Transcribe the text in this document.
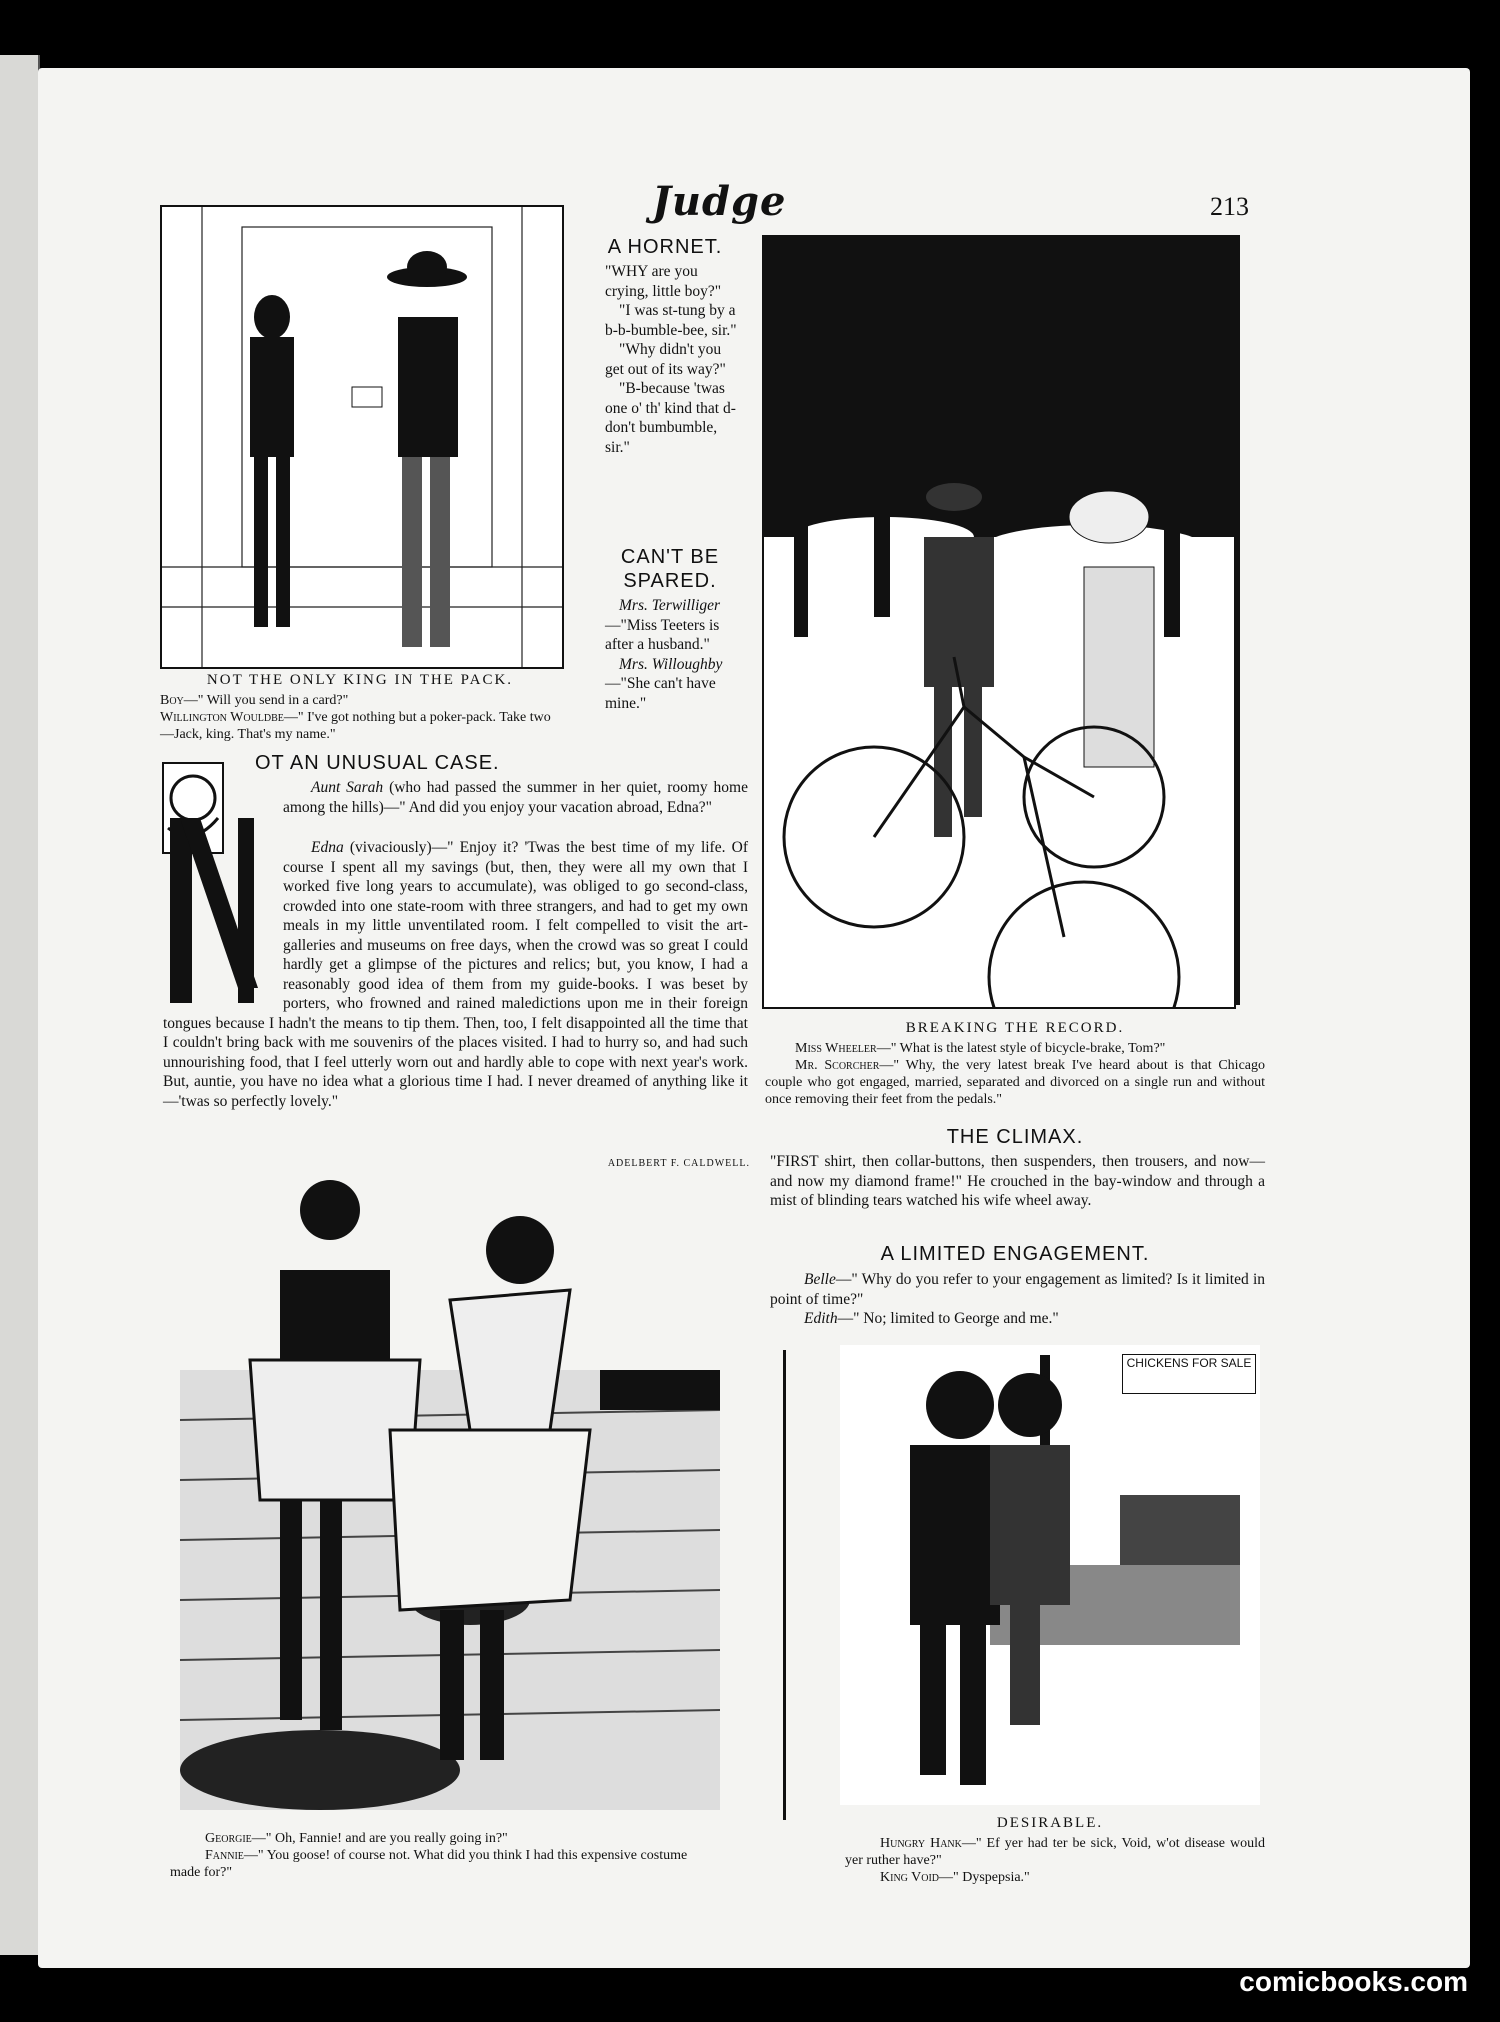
Judge	213
NOT THE ONLY KING IN THE PACK.

Boy—" Will you send in a card?"

Willington Wouldbe—" I've got nothing but a poker-pack. Take two—Jack, king. That's my name."

A HORNET.

"WHY are you crying, little boy?"

"I was st-tung by a b-b-bumble-bee, sir."

"Why didn't you get out of its way?"

"B-because 'twas one o' th' kind that d-don't bumbumble, sir."

CAN'T BE SPARED.

Mrs. Terwilliger—"Miss Teeters is after a husband."

Mrs. Willoughby—"She can't have mine."

BREAKING THE RECORD.

Miss Wheeler—" What is the latest style of bicycle-brake, Tom?"

Mr. Scorcher—" Why, the very latest break I've heard about is that Chicago couple who got engaged, married, separated and divorced on a single run and without once removing their feet from the pedals."

THE CLIMAX.
"FIRST shirt, then collar-buttons, then suspenders, then trousers, and now—and now my diamond frame!" He crouched in the bay-window and through a mist of blinding tears watched his wife wheel away.
A LIMITED ENGAGEMENT.

Belle—" Why do you refer to your engagement as limited? Is it limited in point of time?"

Edith—" No; limited to George and me."

OT AN UNUSUAL CASE.

Aunt Sarah (who had passed the summer in her quiet, roomy home among the hills)—" And did you enjoy your vacation abroad, Edna?"

Edna (vivaciously)—" Enjoy it? 'Twas the best time of my life. Of course I spent all my savings (but, then, they were all my own that I worked five long years to accumulate), was obliged to go second-class, crowded into one state-room with three strangers, and had to get my own meals in my little unventilated room. I felt compelled to visit the art-galleries and museums on free days, when the crowd was so great I could hardly get a glimpse of the pictures and relics; but, you know, I had a reasonably good idea of them from my guide-books. I was beset by porters, who frowned and rained maledictions upon me in their foreign tongues because I hadn't the means to tip them. Then, too, I felt disappointed all the time that I couldn't bring back with me souvenirs of the places visited. I had to hurry so, and had such unnourishing food, that I feel utterly worn out and hardly able to cope with next year's work. But, auntie, you have no idea what a glorious time I had. I never dreamed of anything like it—'twas so perfectly lovely."

ADELBERT F. CALDWELL.

Georgie—" Oh, Fannie! and are you really going in?"

Fannie—" You goose! of course not. What did you think I had this expensive costume made for?"

CHICKENS FOR SALE
DESIRABLE.

Hungry Hank—" Ef yer had ter be sick, Void, w'ot disease would yer ruther have?"

King Void—" Dyspepsia."

comicbooks.com
